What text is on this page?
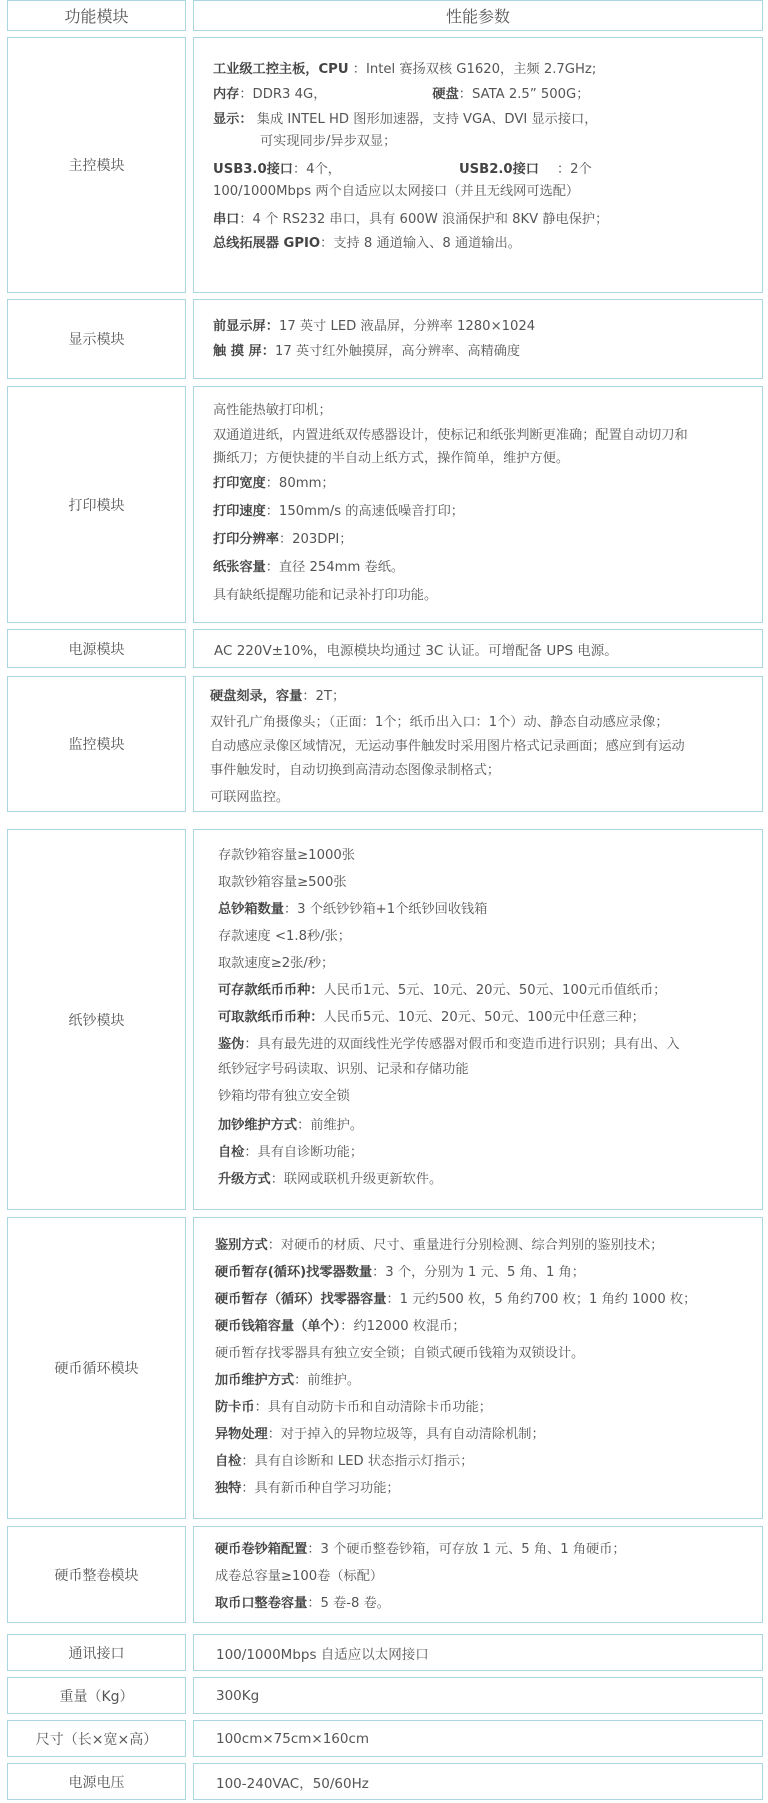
功能模块	性能参数
主控模块
工业级工控主板，CPU ：Intel 赛扬双核 G1620，主频 2.7GHz;
内存：DDR3 4G，	硬盘：SATA 2.5” 500G；
显示： 集成 INTEL HD 图形加速器，支持 VGA、DVI 显示接口，
可实现同步/异步双显；
USB3.0接口：4个，	USB2.0接口 ：2个
100/1000Mbps 两个自适应以太网接口（并且无线网可选配）
串口：4 个 RS232 串口，具有 600W 浪涌保护和 8KV 静电保护；
总线拓展器 GPIO：支持 8 通道输入、8 通道输出。
显示模块
前显示屏：17 英寸 LED 液晶屏，分辨率 1280×1024
触 摸 屏：17 英寸红外触摸屏，高分辨率、高精确度
打印模块
高性能热敏打印机；
双通道进纸，内置进纸双传感器设计，使标记和纸张判断更准确；配置自动切刀和
撕纸刀；方便快捷的半自动上纸方式，操作简单，维护方便。
打印宽度：80mm；
打印速度：150mm/s 的高速低噪音打印；
打印分辨率：203DPI；
纸张容量：直径 254mm 卷纸。
具有缺纸提醒功能和记录补打印功能。
电源模块	AC 220V±10%，电源模块均通过 3C 认证。可增配备 UPS 电源。
监控模块
硬盘刻录，容量：2T；
双针孔广角摄像头；（正面：1个；纸币出入口：1个）动、静态自动感应录像；
自动感应录像区域情况，无运动事件触发时采用图片格式记录画面；感应到有运动
事件触发时，自动切换到高清动态图像录制格式；
可联网监控。
纸钞模块
存款钞箱容量≥1000张
取款钞箱容量≥500张
总钞箱数量：3 个纸钞钞箱+1个纸钞回收钱箱
存款速度 <1.8秒/张；
取款速度≥2张/秒；
可存款纸币币种：人民币1元、5元、10元、20元、50元、100元币值纸币；
可取款纸币币种：人民币5元、10元、20元、50元、100元中任意三种；
鉴伪：具有最先进的双面线性光学传感器对假币和变造币进行识别；具有出、入
纸钞冠字号码读取、识别、记录和存储功能
钞箱均带有独立安全锁
加钞维护方式：前维护。
自检：具有自诊断功能；
升级方式：联网或联机升级更新软件。
硬币循环模块
鉴别方式：对硬币的材质、尺寸、重量进行分别检测、综合判别的鉴别技术；
硬币暂存(循环)找零器数量：3 个，分别为 1 元、5 角、1 角；
硬币暂存（循环）找零器容量：1 元约500 枚，5 角约700 枚；1 角约 1000 枚；
硬币钱箱容量（单个）：约12000 枚混币；
硬币暂存找零器具有独立安全锁；自锁式硬币钱箱为双锁设计。
加币维护方式：前维护。
防卡币：具有自动防卡币和自动清除卡币功能；
异物处理：对于掉入的异物垃圾等，具有自动清除机制；
自检：具有自诊断和 LED 状态指示灯指示；
独特：具有新币种自学习功能；
硬币整卷模块
硬币卷钞箱配置：3 个硬币整卷钞箱，可存放 1 元、5 角、1 角硬币；
成卷总容量≥100卷（标配）
取币口整卷容量：5 卷-8 卷。
通讯接口	100/1000Mbps 自适应以太网接口
重量（Kg）	300Kg
尺寸（长×宽×高）	100cm×75cm×160cm
电源电压	100-240VAC，50/60Hz
